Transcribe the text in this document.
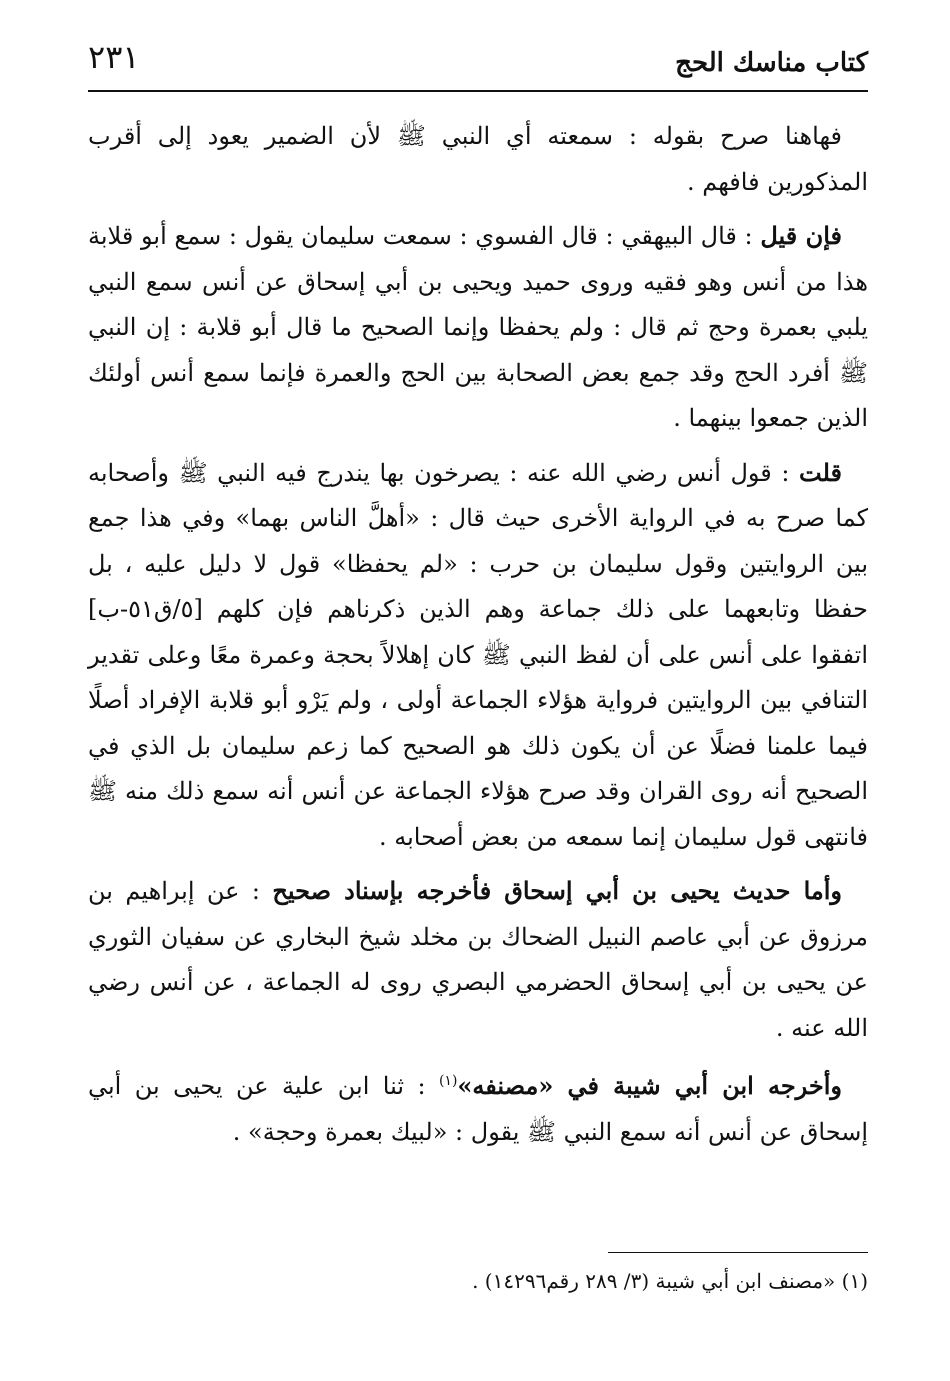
كتاب مناسك الحج
٢٣١

فهاهنا صرح بقوله : سمعته أي النبي ﷺ لأن الضمير يعود إلى أقرب المذكورين فافهم .

فإن قيل : قال البيهقي : قال الفسوي : سمعت سليمان يقول : سمع أبو قلابة هذا من أنس وهو فقيه وروى حميد ويحيى بن أبي إسحاق عن أنس سمع النبي يلبي بعمرة وحج ثم قال : ولم يحفظا وإنما الصحيح ما قال أبو قلابة : إن النبي ﷺ أفرد الحج وقد جمع بعض الصحابة بين الحج والعمرة فإنما سمع أنس أولئك الذين جمعوا بينهما .

قلت : قول أنس رضي الله عنه : يصرخون بها يندرج فيه النبي ﷺ وأصحابه كما صرح به في الرواية الأخرى حيث قال : «أهلَّ الناس بهما» وفي هذا جمع بين الروايتين وقول سليمان بن حرب : «لم يحفظا» قول لا دليل عليه ، بل حفظا وتابعهما على ذلك جماعة وهم الذين ذكرناهم فإن كلهم [٥/ق٥١-ب] اتفقوا على أنس على أن لفظ النبي ﷺ كان إهلالاً بحجة وعمرة معًا وعلى تقدير التنافي بين الروايتين فرواية هؤلاء الجماعة أولى ، ولم يَرْو أبو قلابة الإفراد أصلًا فيما علمنا فضلًا عن أن يكون ذلك هو الصحيح كما زعم سليمان بل الذي في الصحيح أنه روى القران وقد صرح هؤلاء الجماعة عن أنس أنه سمع ذلك منه ﷺ فانتهى قول سليمان إنما سمعه من بعض أصحابه .

وأما حديث يحيى بن أبي إسحاق فأخرجه بإسناد صحيح : عن إبراهيم بن مرزوق عن أبي عاصم النبيل الضحاك بن مخلد شيخ البخاري عن سفيان الثوري عن يحيى بن أبي إسحاق الحضرمي البصري روى له الجماعة ، عن أنس رضي الله عنه .

وأخرجه ابن أبي شيبة في «مصنفه»$^{(١)}$ : ثنا ابن علية عن يحيى بن أبي إسحاق عن أنس أنه سمع النبي ﷺ يقول : «لبيك بعمرة وحجة» .

(١) «مصنف ابن أبي شيبة (٣/ ٢٨٩ رقم١٤٢٩٦) .
